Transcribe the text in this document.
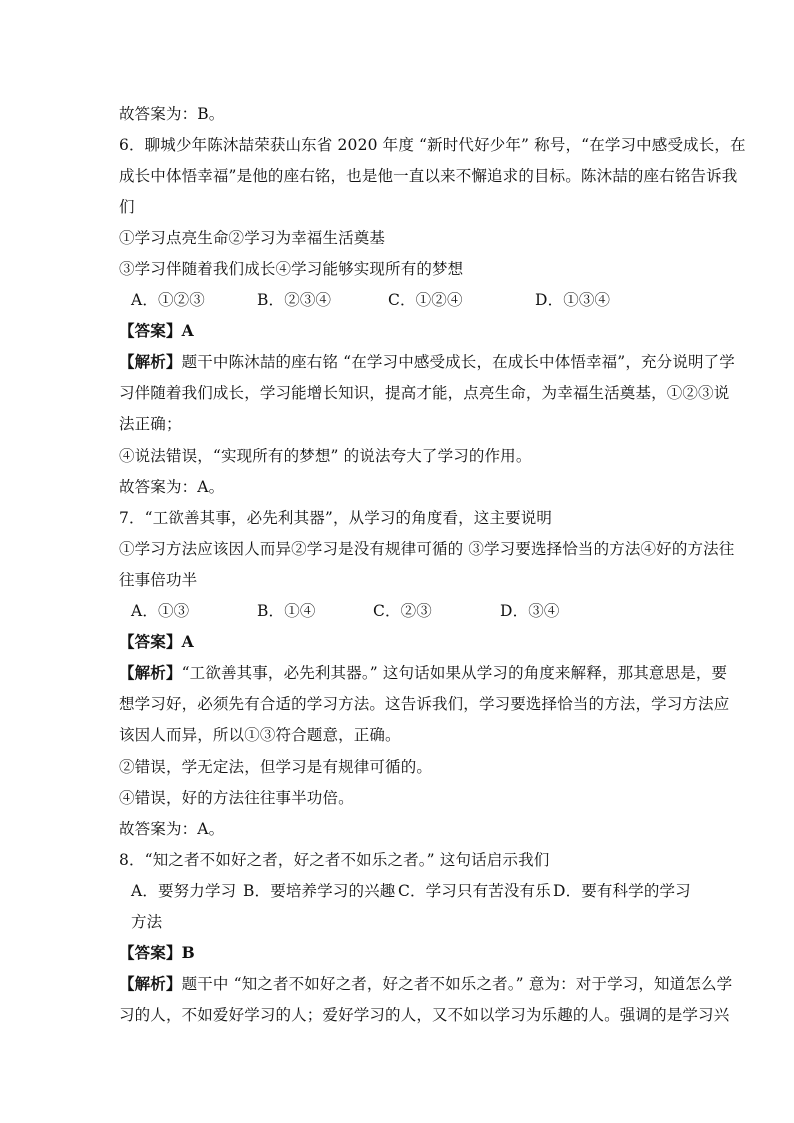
故答案为：B。
6．聊城少年陈沐喆荣获山东省 2020 年度 “新时代好少年” 称号，“在学习中感受成长，在
成长中体悟幸福”是他的座右铭，也是他一直以来不懈追求的目标。陈沐喆的座右铭告诉我
们
①学习点亮生命②学习为幸福生活奠基
③学习伴随着我们成长④学习能够实现所有的梦想
A．①②③	B．②③④	C．①②④	D．①③④
【答案】A
【解析】题干中陈沐喆的座右铭 “在学习中感受成长，在成长中体悟幸福”，充分说明了学
习伴随着我们成长，学习能增长知识，提高才能，点亮生命，为幸福生活奠基，①②③说
法正确；
④说法错误，“实现所有的梦想” 的说法夸大了学习的作用。
故答案为：A。
7．“工欲善其事，必先利其器”，从学习的角度看，这主要说明
①学习方法应该因人而异②学习是没有规律可循的 ③学习要选择恰当的方法④好的方法往
往事倍功半
A．①③	B．①④	C．②③	D．③④
【答案】A
【解析】“工欲善其事，必先利其器。” 这句话如果从学习的角度来解释，那其意思是，要
想学习好，必须先有合适的学习方法。这告诉我们，学习要选择恰当的方法，学习方法应
该因人而异，所以①③符合题意，正确。
②错误，学无定法，但学习是有规律可循的。
④错误，好的方法往往事半功倍。
故答案为：A。
8．“知之者不如好之者，好之者不如乐之者。” 这句话启示我们
A．要努力学习 B．要培养学习的兴趣 C．学习只有苦没有乐 D．要有科学的学习
方法
【答案】B
【解析】题干中 “知之者不如好之者，好之者不如乐之者。” 意为：对于学习，知道怎么学
习的人，不如爱好学习的人；爱好学习的人，又不如以学习为乐趣的人。强调的是学习兴
